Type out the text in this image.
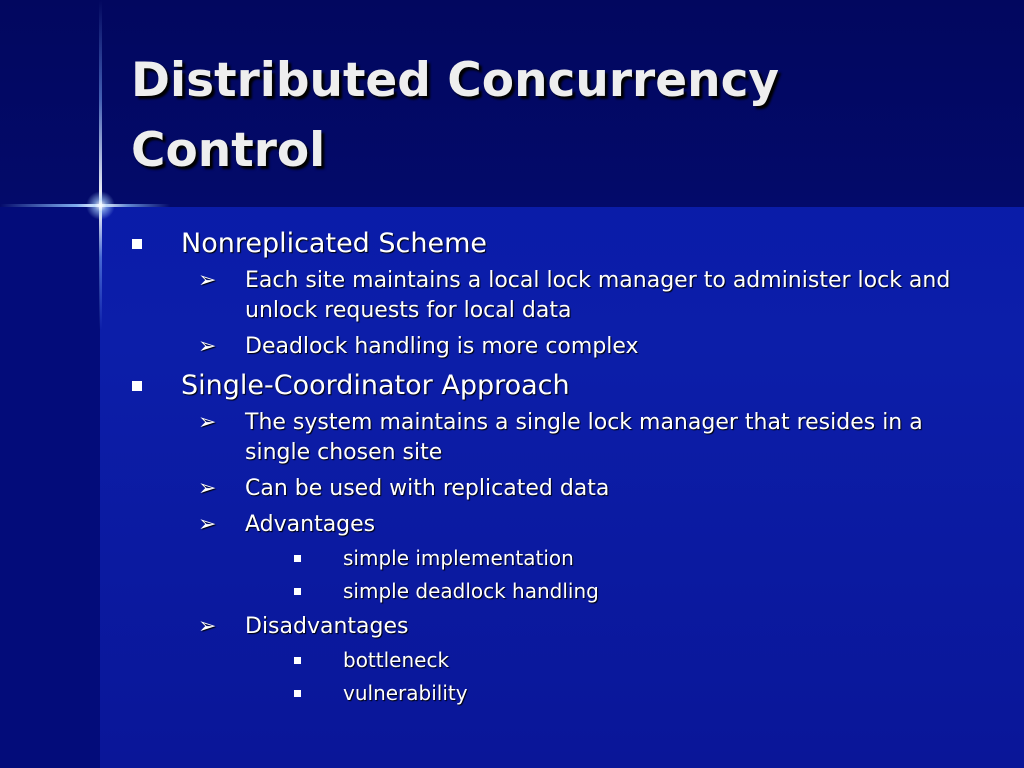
Distributed Concurrency
Control
Nonreplicated Scheme
➢ Each site maintains a local lock manager to administer lock and unlock requests for local data
➢ Deadlock handling is more complex
Single-Coordinator Approach
➢ The system maintains a single lock manager that resides in a single chosen site
➢ Can be used with replicated data
➢ Advantages
simple implementation
simple deadlock handling
➢ Disadvantages
bottleneck
vulnerability
